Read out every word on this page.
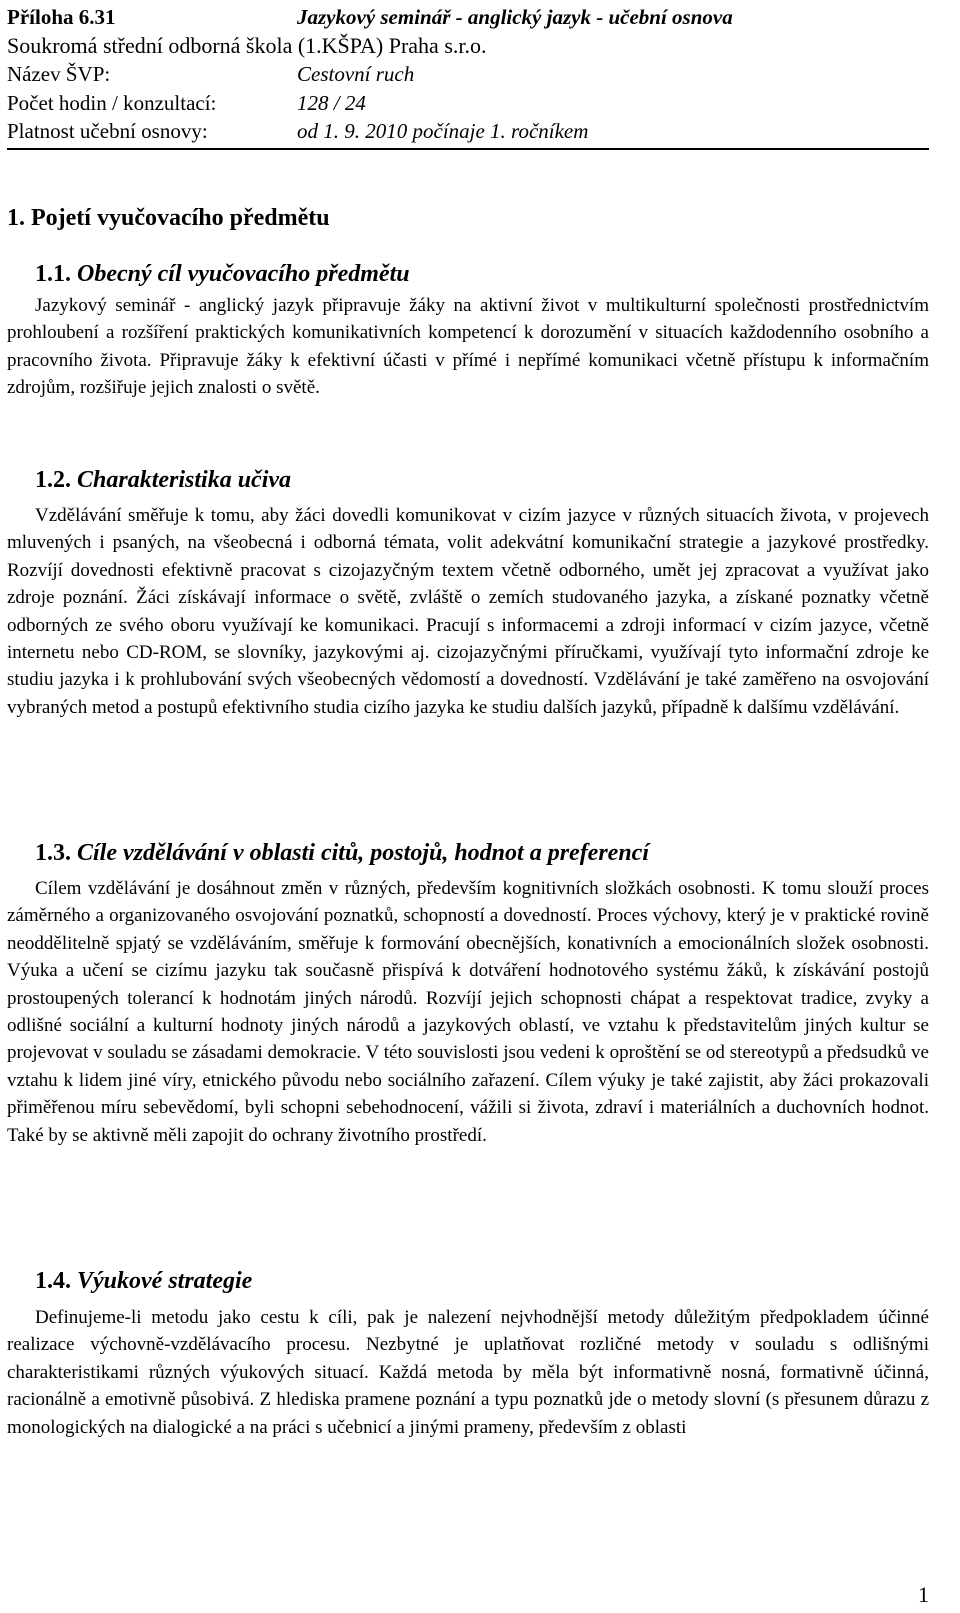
Příloha 6.31	Jazykový seminář - anglický jazyk - učební osnova
Soukromá střední odborná škola (1.KŠPA) Praha s.r.o.
Název ŠVP:	Cestovní ruch
Počet hodin / konzultací:	128 / 24
Platnost učební osnovy:	od 1. 9. 2010 počínaje 1. ročníkem
1. Pojetí vyučovacího předmětu
1.1. Obecný cíl vyučovacího předmětu
Jazykový seminář - anglický jazyk připravuje žáky na aktivní život v multikulturní společnosti prostřednictvím prohloubení a rozšíření praktických komunikativních kompetencí k dorozumění v situacích každodenního osobního a pracovního života. Připravuje žáky k efektivní účasti v přímé i nepřímé komunikaci včetně přístupu k informačním zdrojům, rozšiřuje jejich znalosti o světě.
1.2. Charakteristika učiva
Vzdělávání směřuje k tomu, aby žáci dovedli komunikovat v cizím jazyce v různých situacích života, v projevech mluvených i psaných, na všeobecná i odborná témata, volit adekvátní komunikační strategie a jazykové prostředky. Rozvíjí dovednosti efektivně pracovat s cizojazyčným textem včetně odborného, umět jej zpracovat a využívat jako zdroje poznání. Žáci získávají informace o světě, zvláště o zemích studovaného jazyka, a získané poznatky včetně odborných ze svého oboru využívají ke komunikaci. Pracují s informacemi a zdroji informací v cizím jazyce, včetně internetu nebo CD-ROM, se slovníky, jazykovými aj. cizojazyčnými příručkami, využívají tyto informační zdroje ke studiu jazyka i k prohlubování svých všeobecných vědomostí a dovedností. Vzdělávání je také zaměřeno na osvojování vybraných metod a postupů efektivního studia cizího jazyka ke studiu dalších jazyků, případně k dalšímu vzdělávání.
1.3. Cíle vzdělávání v oblasti citů, postojů, hodnot a preferencí
Cílem vzdělávání je dosáhnout změn v různých, především kognitivních složkách osobnosti. K tomu slouží proces záměrného a organizovaného osvojování poznatků, schopností a dovedností. Proces výchovy, který je v praktické rovině neoddělitelně spjatý se vzděláváním, směřuje k formování obecnějších, konativních a emocionálních složek osobnosti. Výuka a učení se cizímu jazyku tak současně přispívá k dotváření hodnotového systému žáků, k získávání postojů prostoupených tolerancí k hodnotám jiných národů. Rozvíjí jejich schopnosti chápat a respektovat tradice, zvyky a odlišné sociální a kulturní hodnoty jiných národů a jazykových oblastí, ve vztahu k představitelům jiných kultur se projevovat v souladu se zásadami demokracie. V této souvislosti jsou vedeni k oproštění se od stereotypů a předsudků ve vztahu k lidem jiné víry, etnického původu nebo sociálního zařazení. Cílem výuky je také zajistit, aby žáci prokazovali přiměřenou míru sebevědomí, byli schopni sebehodnocení, vážili si života, zdraví i materiálních a duchovních hodnot. Také by se aktivně měli zapojit do ochrany životního prostředí.
1.4. Výukové strategie
Definujeme-li metodu jako cestu k cíli, pak je nalezení nejvhodnější metody důležitým předpokladem účinné realizace výchovně-vzdělávacího procesu. Nezbytné je uplatňovat rozličné metody v souladu s odlišnými charakteristikami různých výukových situací. Každá metoda by měla být informativně nosná, formativně účinná, racionálně a emotivně působivá. Z hlediska pramene poznání a typu poznatků jde o metody slovní (s přesunem důrazu z monologických na dialogické a na práci s učebnicí a jinými prameny, především z oblasti
1
